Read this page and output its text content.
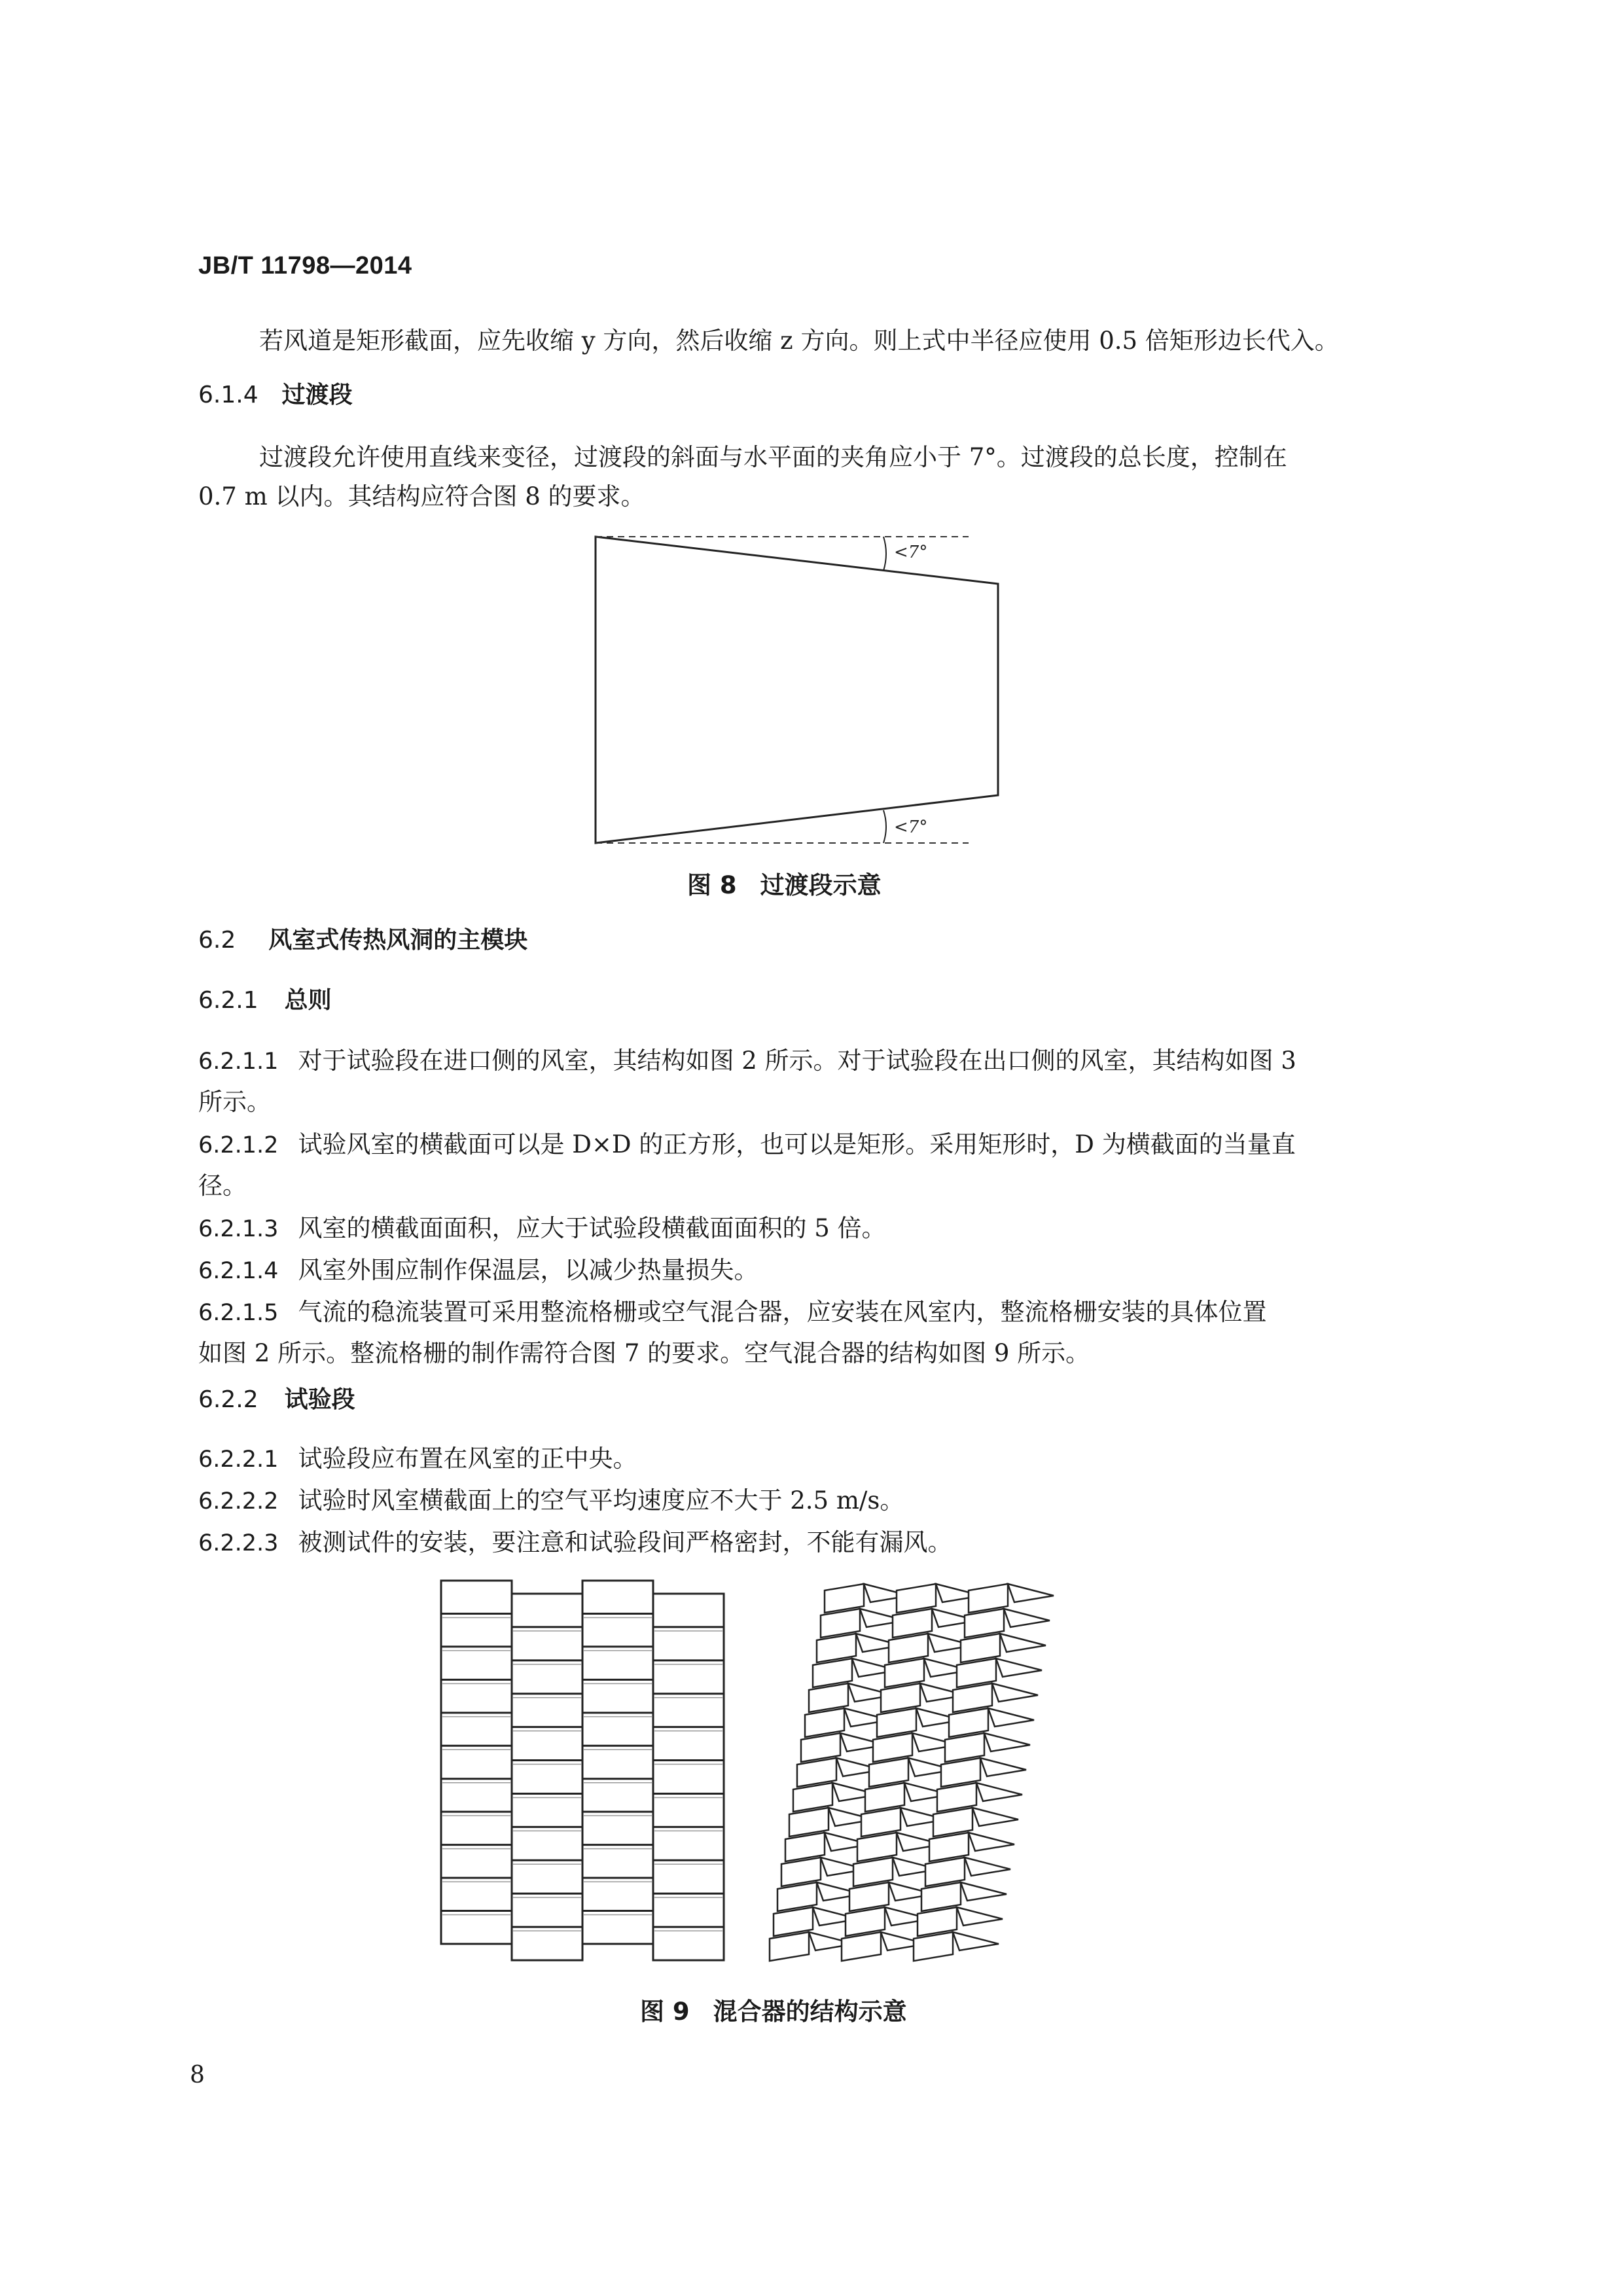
JB/T 11798—2014
若风道是矩形截面，应先收缩 y 方向，然后收缩 z 方向。则上式中半径应使用 0.5 倍矩形边长代入。
6.1.4 过渡段
过渡段允许使用直线来变径，过渡段的斜面与水平面的夹角应小于 7°。过渡段的总长度，控制在
0.7 m 以内。其结构应符合图 8 的要求。
<7°
<7°
图 8 过渡段示意
6.2 风室式传热风洞的主模块
6.2.1 总则
6.2.1.1 对于试验段在进口侧的风室，其结构如图 2 所示。对于试验段在出口侧的风室，其结构如图 3
所示。
6.2.1.2 试验风室的横截面可以是 D×D 的正方形，也可以是矩形。采用矩形时，D 为横截面的当量直
径。
6.2.1.3 风室的横截面面积，应大于试验段横截面面积的 5 倍。
6.2.1.4 风室外围应制作保温层，以减少热量损失。
6.2.1.5 气流的稳流装置可采用整流格栅或空气混合器，应安装在风室内，整流格栅安装的具体位置
如图 2 所示。整流格栅的制作需符合图 7 的要求。空气混合器的结构如图 9 所示。
6.2.2 试验段
6.2.2.1 试验段应布置在风室的正中央。
6.2.2.2 试验时风室横截面上的空气平均速度应不大于 2.5 m/s。
6.2.2.3 被测试件的安装，要注意和试验段间严格密封，不能有漏风。
图 9 混合器的结构示意
8
